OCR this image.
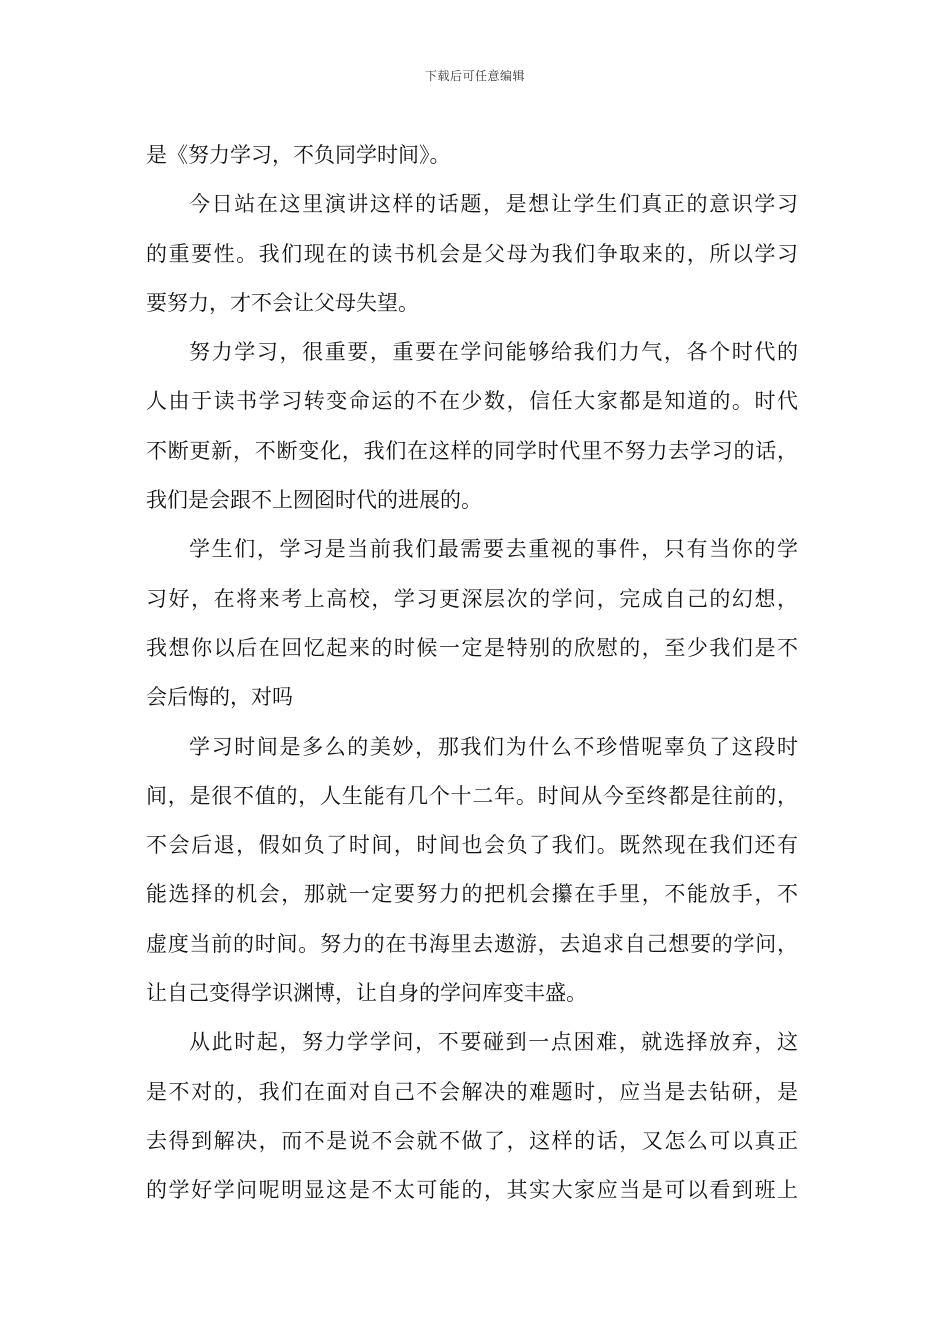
下载后可任意编辑
是《努力学习，不负同学时间》。
今日站在这里演讲这样的话题，是想让学生们真正的意识学习
的重要性。我们现在的读书机会是父母为我们争取来的，所以学习
要努力，才不会让父母失望。
努力学习，很重要，重要在学问能够给我们力气，各个时代的
人由于读书学习转变命运的不在少数，信任大家都是知道的。时代
不断更新，不断变化，我们在这样的同学时代里不努力去学习的话，
我们是会跟不上囫囵时代的进展的。
学生们，学习是当前我们最需要去重视的事件，只有当你的学
习好，在将来考上高校，学习更深层次的学问，完成自己的幻想，
我想你以后在回忆起来的时候一定是特别的欣慰的，至少我们是不
会后悔的，对吗
学习时间是多么的美妙，那我们为什么不珍惜呢辜负了这段时
间，是很不值的，人生能有几个十二年。时间从今至终都是往前的，
不会后退，假如负了时间，时间也会负了我们。既然现在我们还有
能选择的机会，那就一定要努力的把机会攥在手里，不能放手，不
虚度当前的时间。努力的在书海里去遨游，去追求自己想要的学问，
让自己变得学识渊博，让自身的学问库变丰盛。
从此时起，努力学学问，不要碰到一点困难，就选择放弃，这
是不对的，我们在面对自己不会解决的难题时，应当是去钻研，是
去得到解决，而不是说不会就不做了，这样的话，又怎么可以真正
的学好学问呢明显这是不太可能的，其实大家应当是可以看到班上
